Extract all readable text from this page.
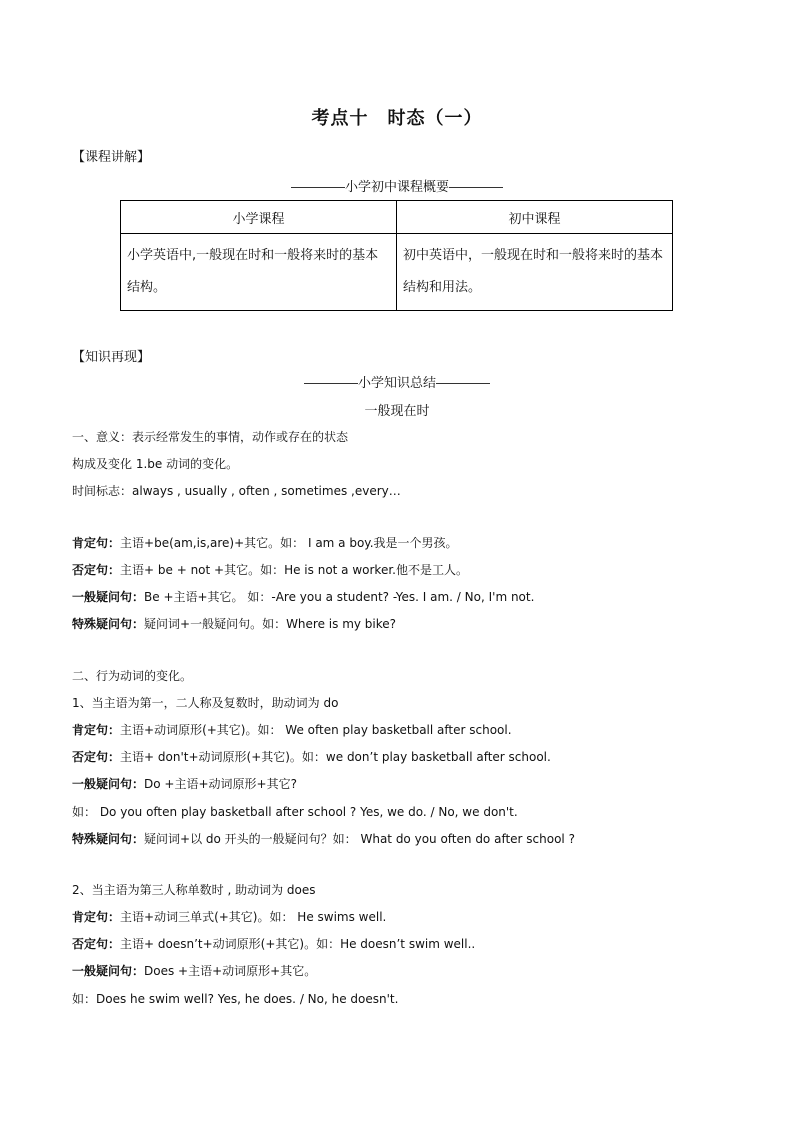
考点十　时态（一）
【课程讲解】
小学初中课程概要
小学课程	初中课程
小学英语中,一般现在时和一般将来时的基本结构。	初中英语中，一般现在时和一般将来时的基本结构和用法。
【知识再现】
小学知识总结
一般现在时
一、意义：表示经常发生的事情，动作或存在的状态
构成及变化 1.be 动词的变化。
时间标志：always , usually , often , sometimes ,every…
肯定句：主语+be(am,is,are)+其它。如： I am a boy.我是一个男孩。
否定句：主语+ be + not +其它。如：He is not a worker.他不是工人。
一般疑问句：Be +主语+其它。 如：-Are you a student? -Yes. I am. / No, I'm not.
特殊疑问句：疑问词+一般疑问句。如：Where is my bike?
二、行为动词的变化。
1、当主语为第一，二人称及复数时，助动词为 do
肯定句：主语+动词原形(+其它)。如： We often play basketball after school.
否定句：主语+ don't+动词原形(+其它)。如：we don’t play basketball after school.
一般疑问句：Do +主语+动词原形+其它?
如： Do you often play basketball after school ? Yes, we do. / No, we don't.
特殊疑问句：疑问词+以 do 开头的一般疑问句？如： What do you often do after school ?
2、当主语为第三人称单数时 , 助动词为 does
肯定句：主语+动词三单式(+其它)。如： He swims well.
否定句：主语+ doesn’t+动词原形(+其它)。如：He doesn’t swim well..
一般疑问句：Does +主语+动词原形+其它。
如：Does he swim well? Yes, he does. / No, he doesn't.
